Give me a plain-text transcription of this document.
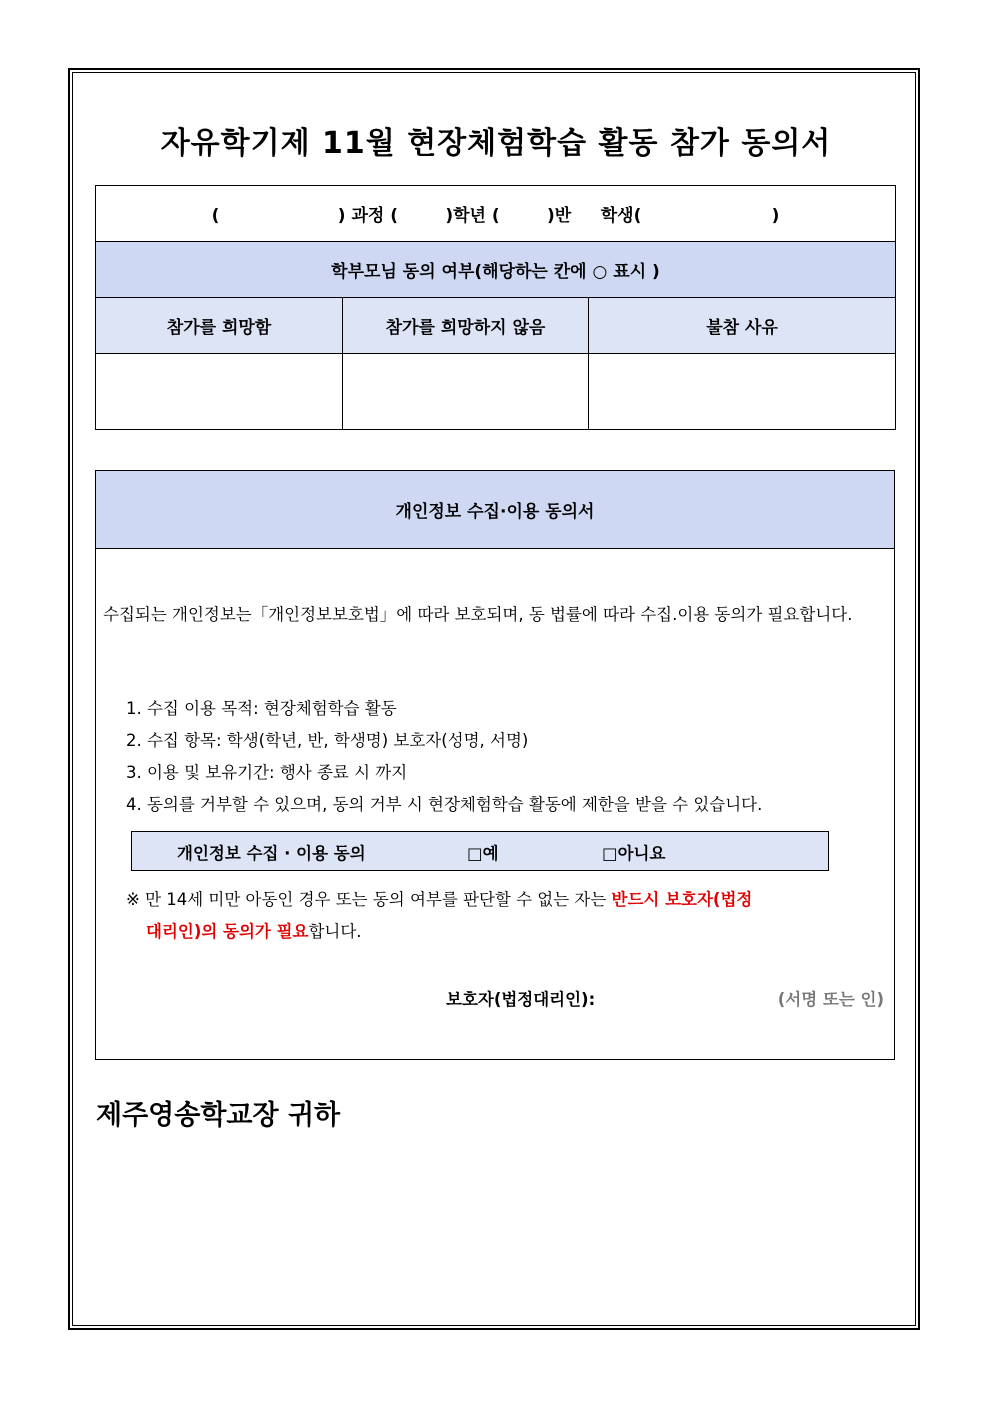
자유학기제 11월 현장체험학습 활동 참가 동의서
(                    ) 과정 (        )학년 (        )반     학생(                      )		
학부모님 동의 여부(해당하는 칸에 ○ 표시 )		
참가를 희망함	참가를 희망하지 않음	불참 사유

개인정보 수집·이용 동의서
수집되는 개인정보는「개인정보보호법」에 따라 보호되며, 동 법률에 따라 수집.이용 동의가 필요합니다.
1. 수집 이용 목적: 현장체험학습 활동
2. 수집 항목: 학생(학년, 반, 학생명) 보호자(성명, 서명)
3. 이용 및 보유기간: 행사 종료 시 까지
4. 동의를 거부할 수 있으며, 동의 거부 시 현장체험학습 활동에 제한을 받을 수 있습니다.
개인정보 수집 · 이용 동의	□예	□아니요
※ 만 14세 미만 아동인 경우 또는 동의 여부를 판단할 수 없는 자는 반드시 보호자(법정
대리인)의 동의가 필요합니다.
보호자(법정대리인):	(서명 또는 인)
제주영송학교장 귀하
